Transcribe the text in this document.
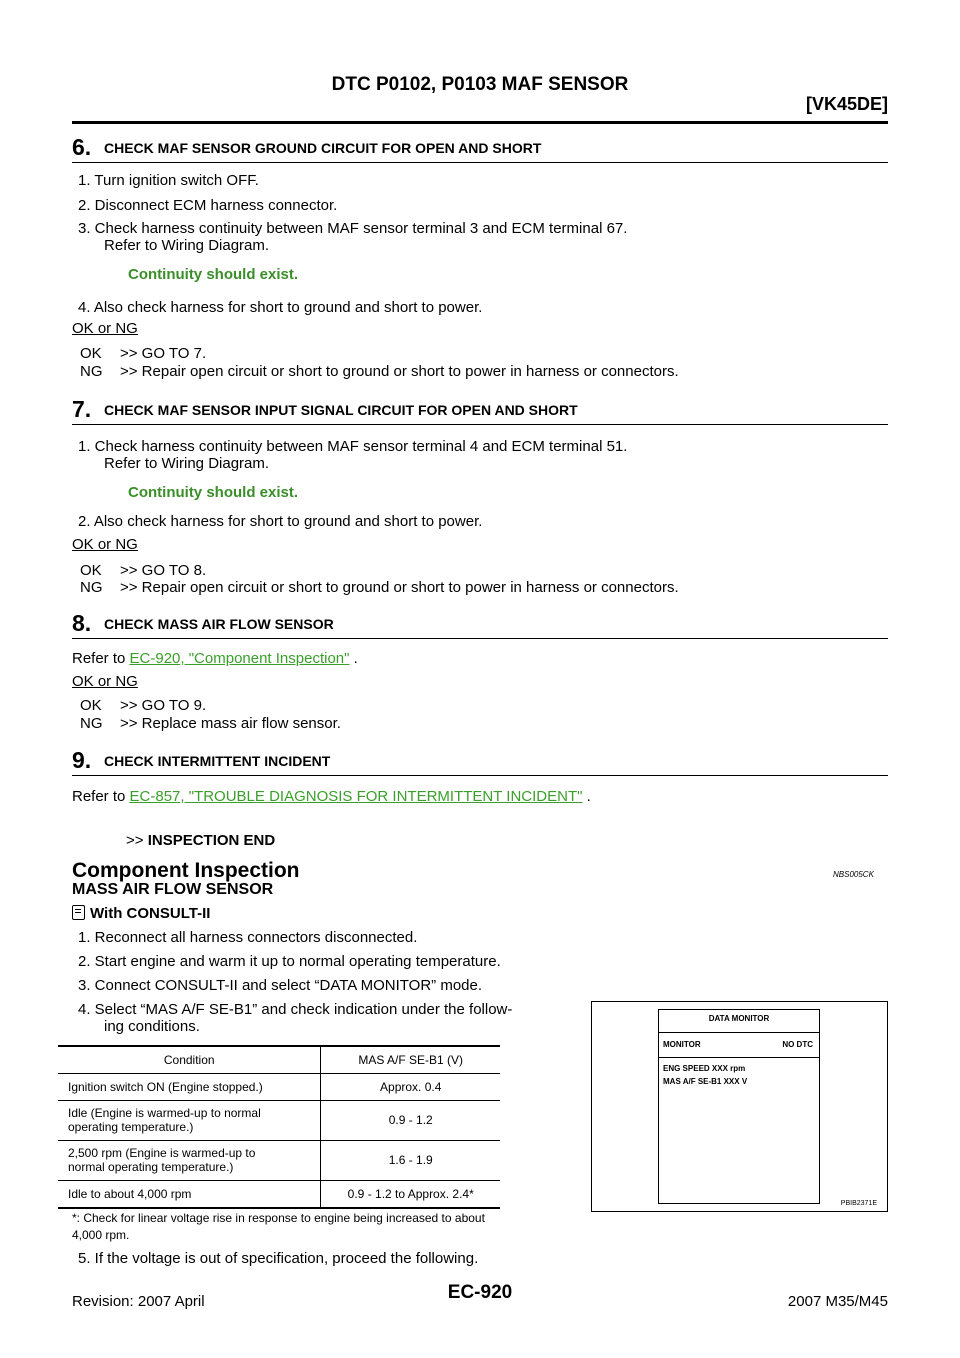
DTC P0102, P0103 MAF SENSOR
[VK45DE]
6. CHECK MAF SENSOR GROUND CIRCUIT FOR OPEN AND SHORT
1. Turn ignition switch OFF.
2. Disconnect ECM harness connector.
3. Check harness continuity between MAF sensor terminal 3 and ECM terminal 67.
Refer to Wiring Diagram.
Continuity should exist.
4. Also check harness for short to ground and short to power.
OK or NG
OK >> GO TO 7.
NG >> Repair open circuit or short to ground or short to power in harness or connectors.
7. CHECK MAF SENSOR INPUT SIGNAL CIRCUIT FOR OPEN AND SHORT
1. Check harness continuity between MAF sensor terminal 4 and ECM terminal 51.
Refer to Wiring Diagram.
Continuity should exist.
2. Also check harness for short to ground and short to power.
OK or NG
OK >> GO TO 8.
NG >> Repair open circuit or short to ground or short to power in harness or connectors.
8. CHECK MASS AIR FLOW SENSOR
Refer to EC-920, "Component Inspection" .
OK or NG
OK >> GO TO 9.
NG >> Replace mass air flow sensor.
9. CHECK INTERMITTENT INCIDENT
Refer to EC-857, "TROUBLE DIAGNOSIS FOR INTERMITTENT INCIDENT" .
>> INSPECTION END
Component Inspection	NBS005CK
MASS AIR FLOW SENSOR
With CONSULT-II
1. Reconnect all harness connectors disconnected.
2. Start engine and warm it up to normal operating temperature.
3. Connect CONSULT-II and select “DATA MONITOR” mode.
4. Select “MAS A/F SE-B1” and check indication under the follow-
ing conditions.
Condition	MAS A/F SE-B1 (V)
Ignition switch ON (Engine stopped.)	Approx. 0.4
Idle (Engine is warmed-up to normal
operating temperature.)	0.9 - 1.2
2,500 rpm (Engine is warmed-up to
normal operating temperature.)	1.6 - 1.9
Idle to about 4,000 rpm	0.9 - 1.2 to Approx. 2.4*
*: Check for linear voltage rise in response to engine being increased to about
4,000 rpm.
5. If the voltage is out of specification, proceed the following.
DATA MONITOR
MONITOR	NO DTC
ENG SPEED XXX rpm
MAS A/F SE-B1 XXX V
PBIB2371E
EC-920
Revision: 2007 April	2007 M35/M45
